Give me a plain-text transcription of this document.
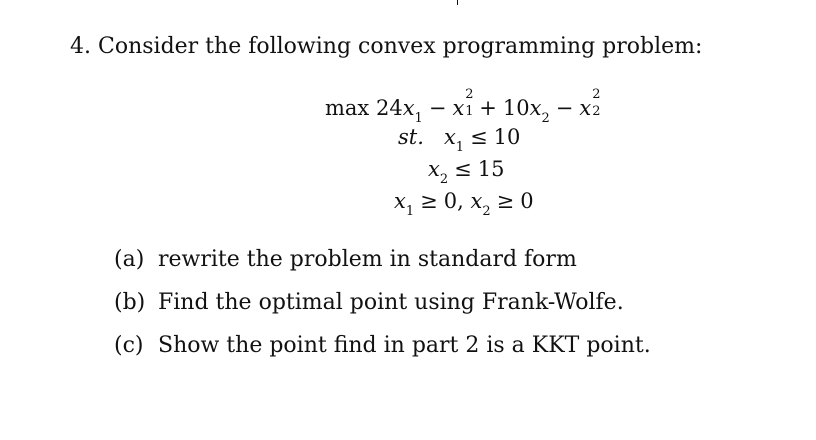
4. Consider the following convex programming problem:
$\max 24x_1 - x$
2
$1 + 10x_2 - x$
2
2
st. $x_1 \le 10$
$x_2 \le 15$
$x_1 \ge 0$, $x_2 \ge 0$
(a) rewrite the problem in standard form
(b) Find the optimal point using Frank-Wolfe.
(c) Show the point find in part 2 is a KKT point.
